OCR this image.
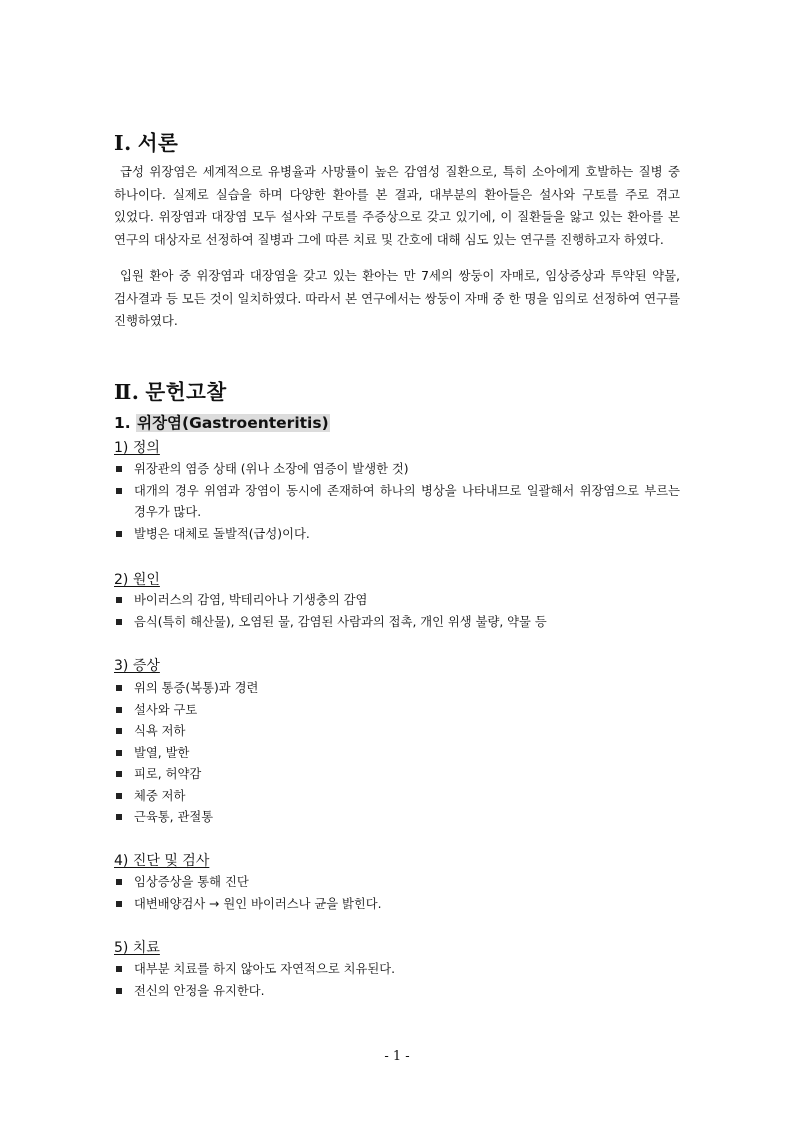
Ⅰ. 서론

급성 위장염은 세계적으로 유병율과 사망률이 높은 감염성 질환으로, 특히 소아에게 호발하는 질병 중 하나이다. 실제로 실습을 하며 다양한 환아를 본 결과, 대부분의 환아들은 설사와 구토를 주로 겪고 있었다. 위장염과 대장염 모두 설사와 구토를 주증상으로 갖고 있기에, 이 질환들을 앓고 있는 환아를 본 연구의 대상자로 선정하여 질병과 그에 따른 치료 및 간호에 대해 심도 있는 연구를 진행하고자 하였다.

입원 환아 중 위장염과 대장염을 갖고 있는 환아는 만 7세의 쌍둥이 자매로, 임상증상과 투약된 약물, 검사결과 등 모든 것이 일치하였다. 따라서 본 연구에서는 쌍둥이 자매 중 한 명을 임의로 선정하여 연구를 진행하였다.

Ⅱ. 문헌고찰
1. 위장염(Gastroenteritis)
1) 정의
위장관의 염증 상태 (위나 소장에 염증이 발생한 것)
대개의 경우 위염과 장염이 동시에 존재하여 하나의 병상을 나타내므로 일괄해서 위장염으로 부르는 경우가 많다.
발병은 대체로 돌발적(급성)이다.
2) 원인
바이러스의 감염, 박테리아나 기생충의 감염
음식(특히 해산물), 오염된 물, 감염된 사람과의 접촉, 개인 위생 불량, 약물 등
3) 증상
위의 통증(복통)과 경련
설사와 구토
식욕 저하
발열, 발한
피로, 허약감
체중 저하
근육통, 관절통
4) 진단 및 검사
임상증상을 통해 진단
대변배양검사 → 원인 바이러스나 균을 밝힌다.
5) 치료
대부분 치료를 하지 않아도 자연적으로 치유된다.
전신의 안정을 유지한다.
- 1 -
